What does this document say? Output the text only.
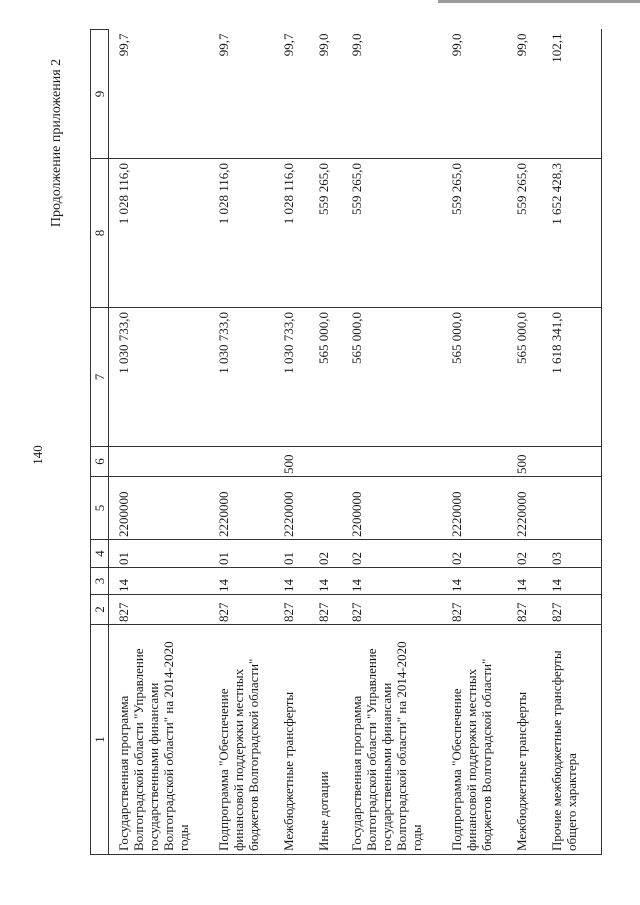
140
Продолжение приложения 2
1	2	3	4	5	6	7	8	9
Государственная программа Волгоградской области "Управление государственными финансами Волгоградской области" на 2014-2020 годы	827	14	01	2200000		1 030 733,0	1 028 116,0	99,7
Подпрограмма "Обеспечение финансовой поддержки местных бюджетов Волгоградской области"	827	14	01	2220000		1 030 733,0	1 028 116,0	99,7
Межбюджетные трансферты	827	14	01	2220000	500	1 030 733,0	1 028 116,0	99,7
Иные дотации	827	14	02			565 000,0	559 265,0	99,0
Государственная программа Волгоградской области "Управление государственными финансами Волгоградской области" на 2014-2020 годы	827	14	02	2200000		565 000,0	559 265,0	99,0
Подпрограмма "Обеспечение финансовой поддержки местных бюджетов Волгоградской области"	827	14	02	2220000		565 000,0	559 265,0	99,0
Межбюджетные трансферты	827	14	02	2220000	500	565 000,0	559 265,0	99,0
Прочие межбюджетные трансферты общего характера	827	14	03			1 618 341,0	1 652 428,3	102,1
